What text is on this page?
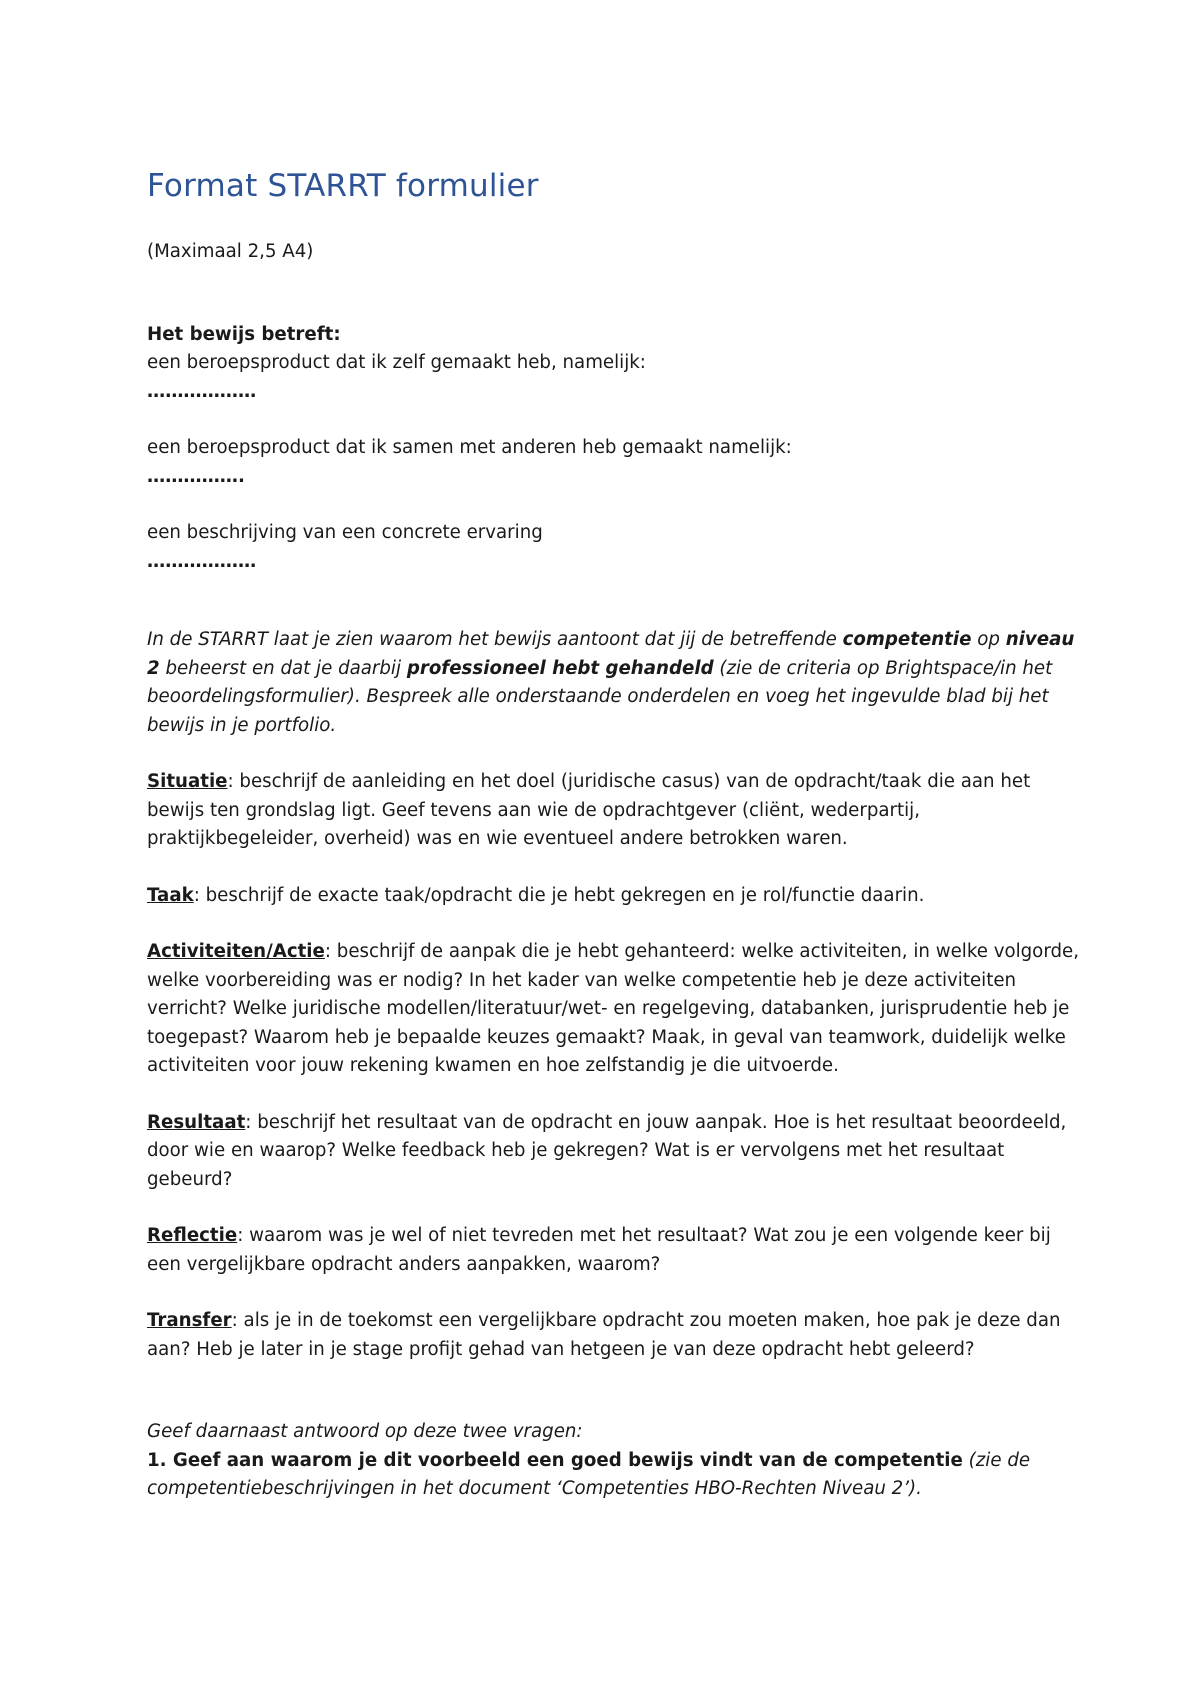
Format STARRT formulier

(Maximaal 2,5 A4)

Het bewijs betreft:

een beroepsproduct dat ik zelf gemaakt heb, namelijk:

………………

een beroepsproduct dat ik samen met anderen heb gemaakt namelijk:

…………….

een beschrijving van een concrete ervaring

………………

In de STARRT laat je zien waarom het bewijs aantoont dat jij de betreffende competentie op niveau 2 beheerst en dat je daarbij professioneel hebt gehandeld (zie de criteria op Brightspace/in het beoordelingsformulier). Bespreek alle onderstaande onderdelen en voeg het ingevulde blad bij het bewijs in je portfolio.

Situatie: beschrijf de aanleiding en het doel (juridische casus) van de opdracht/taak die aan het bewijs ten grondslag ligt. Geef tevens aan wie de opdrachtgever (cliënt, wederpartij, praktijkbegeleider, overheid) was en wie eventueel andere betrokken waren.

Taak: beschrijf de exacte taak/opdracht die je hebt gekregen en je rol/functie daarin.

Activiteiten/Actie: beschrijf de aanpak die je hebt gehanteerd: welke activiteiten, in welke volgorde, welke voorbereiding was er nodig? In het kader van welke competentie heb je deze activiteiten verricht? Welke juridische modellen/literatuur/wet- en regelgeving, databanken, jurisprudentie heb je toegepast? Waarom heb je bepaalde keuzes gemaakt? Maak, in geval van teamwork, duidelijk welke activiteiten voor jouw rekening kwamen en hoe zelfstandig je die uitvoerde.

Resultaat: beschrijf het resultaat van de opdracht en jouw aanpak. Hoe is het resultaat beoordeeld, door wie en waarop? Welke feedback heb je gekregen? Wat is er vervolgens met het resultaat gebeurd?

Reflectie: waarom was je wel of niet tevreden met het resultaat? Wat zou je een volgende keer bij een vergelijkbare opdracht anders aanpakken, waarom?

Transfer: als je in de toekomst een vergelijkbare opdracht zou moeten maken, hoe pak je deze dan aan? Heb je later in je stage profijt gehad van hetgeen je van deze opdracht hebt geleerd?

Geef daarnaast antwoord op deze twee vragen:

1. Geef aan waarom je dit voorbeeld een goed bewijs vindt van de competentie (zie de competentiebeschrijvingen in het document ‘Competenties HBO-Rechten Niveau 2’).
